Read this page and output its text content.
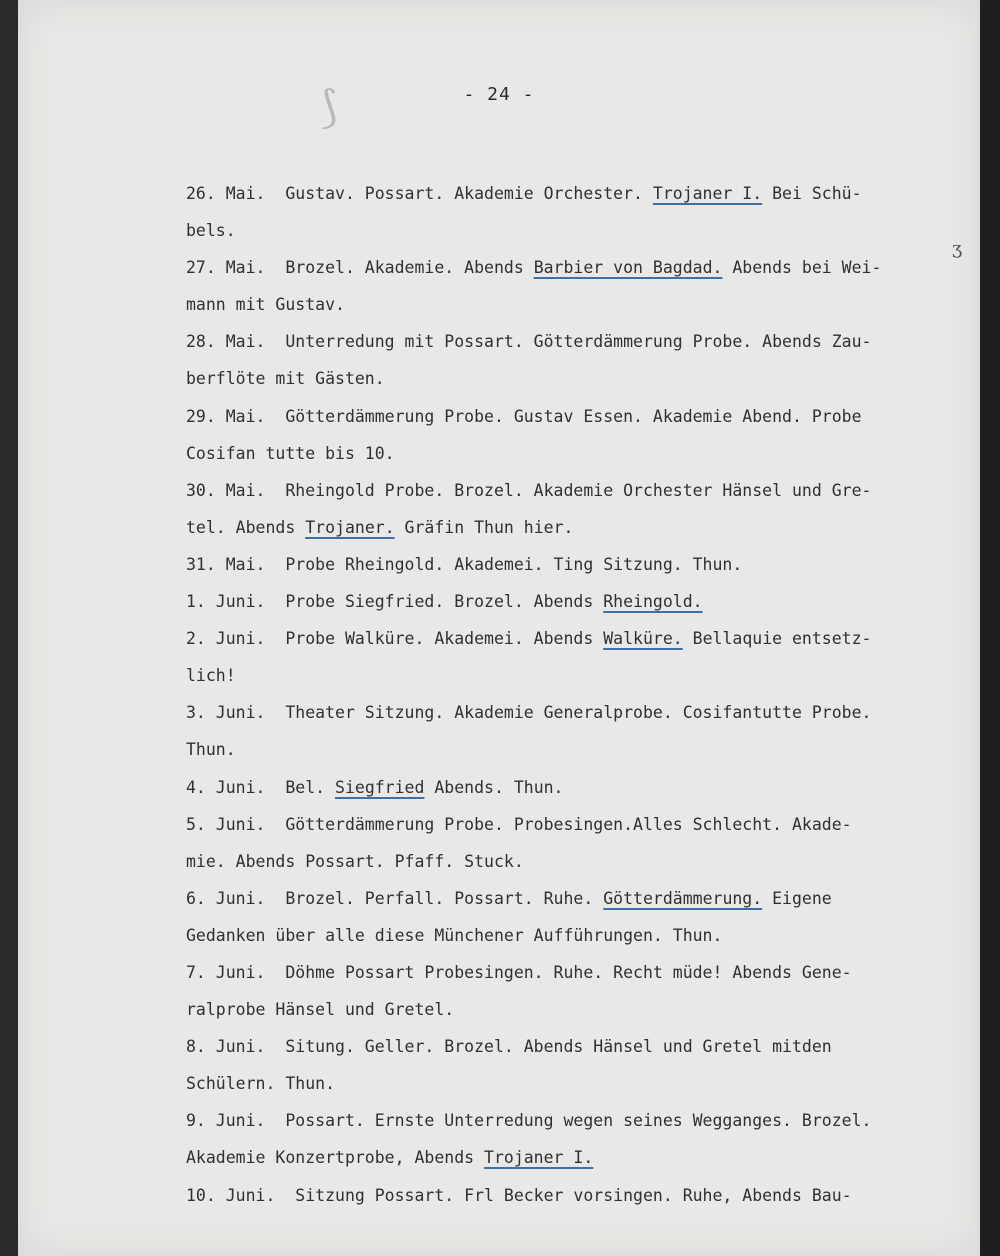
- 24 -
26. Mai.  Gustav. Possart. Akademie Orchester. Trojaner I. Bei Schü-
bels.
27. Mai.  Brozel. Akademie. Abends Barbier von Bagdad. Abends bei Wei-
mann mit Gustav.
28. Mai.  Unterredung mit Possart. Götterdämmerung Probe. Abends Zau-
berflöte mit Gästen.
29. Mai.  Götterdämmerung Probe. Gustav Essen. Akademie Abend. Probe
Cosifan tutte bis 10.
30. Mai.  Rheingold Probe. Brozel. Akademie Orchester Hänsel und Gre-
tel. Abends Trojaner. Gräfin Thun hier.
31. Mai.  Probe Rheingold. Akademei. Ting Sitzung. Thun.
1. Juni.  Probe Siegfried. Brozel. Abends Rheingold.
2. Juni.  Probe Walküre. Akademei. Abends Walküre. Bellaquie entsetz-
lich!
3. Juni.  Theater Sitzung. Akademie Generalprobe. Cosifantutte Probe.
Thun.
4. Juni.  Bel. Siegfried Abends. Thun.
5. Juni.  Götterdämmerung Probe. Probesingen.Alles Schlecht. Akade-
mie. Abends Possart. Pfaff. Stuck.
6. Juni.  Brozel. Perfall. Possart. Ruhe. Götterdämmerung. Eigene
Gedanken über alle diese Münchener Aufführungen. Thun.
7. Juni.  Döhme Possart Probesingen. Ruhe. Recht müde! Abends Gene-
ralprobe Hänsel und Gretel.
8. Juni.  Situng. Geller. Brozel. Abends Hänsel und Gretel mitden
Schülern. Thun.
9. Juni.  Possart. Ernste Unterredung wegen seines Wegganges. Brozel.
Akademie Konzertprobe, Abends Trojaner I.
10. Juni.  Sitzung Possart. Frl Becker vorsingen. Ruhe, Abends Bau-
⟆
ʒ
